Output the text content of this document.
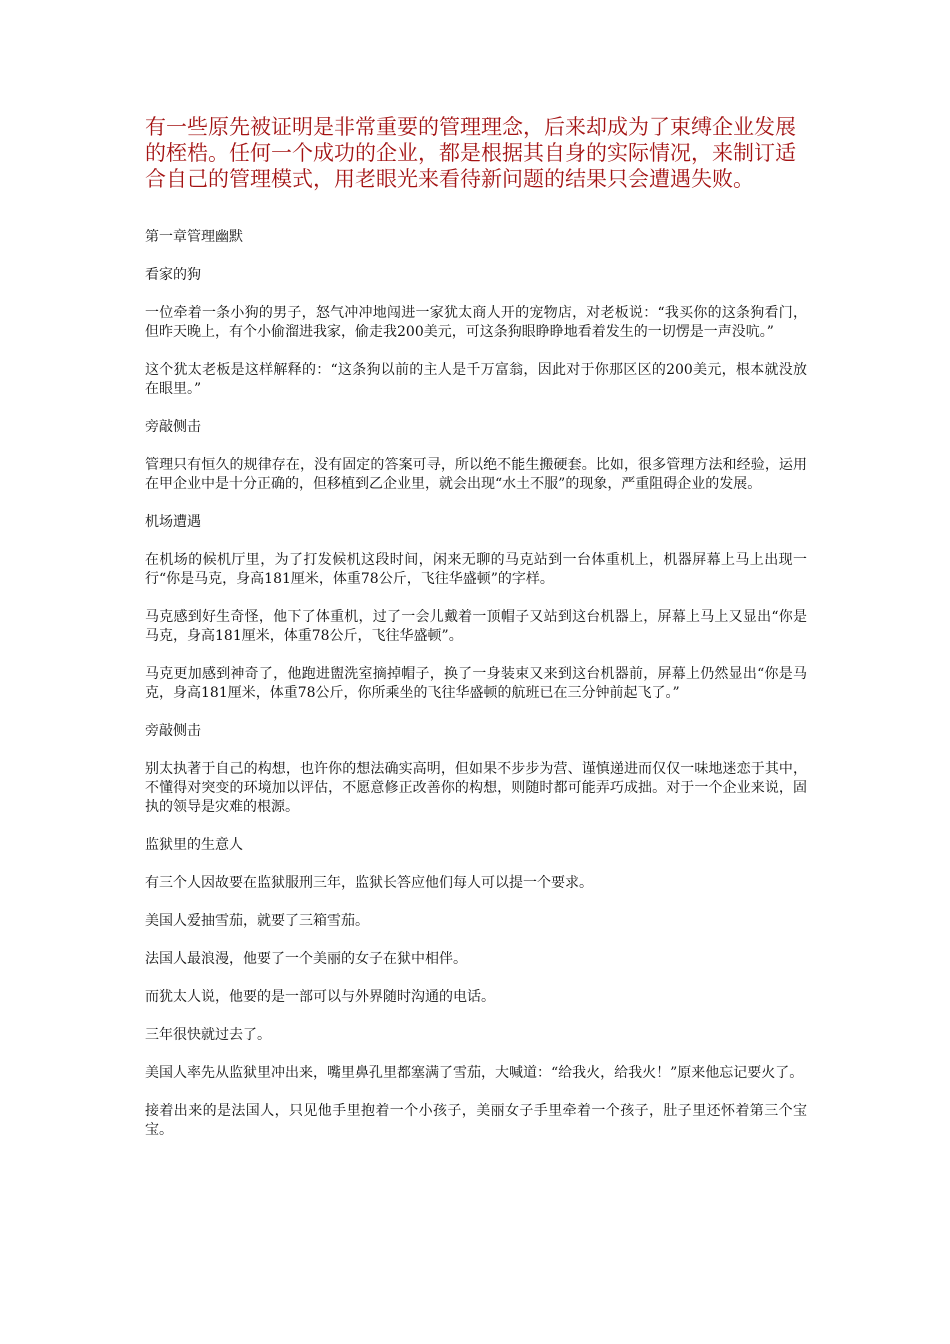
有一些原先被证明是非常重要的管理理念，后来却成为了束缚企业发展的桎梏。任何一个成功的企业，都是根据其自身的实际情况，来制订适合自己的管理模式，用老眼光来看待新问题的结果只会遭遇失败。

第一章管理幽默

看家的狗

一位牵着一条小狗的男子，怒气冲冲地闯进一家犹太商人开的宠物店，对老板说：“我买你的这条狗看门，但昨天晚上，有个小偷溜进我家，偷走我200美元，可这条狗眼睁睁地看着发生的一切愣是一声没吭。”

这个犹太老板是这样解释的：“这条狗以前的主人是千万富翁，因此对于你那区区的200美元，根本就没放在眼里。”

旁敲侧击

管理只有恒久的规律存在，没有固定的答案可寻，所以绝不能生搬硬套。比如，很多管理方法和经验，运用在甲企业中是十分正确的，但移植到乙企业里，就会出现“水土不服”的现象，严重阻碍企业的发展。

机场遭遇

在机场的候机厅里，为了打发候机这段时间，闲来无聊的马克站到一台体重机上，机器屏幕上马上出现一行“你是马克，身高181厘米，体重78公斤，飞往华盛顿”的字样。

马克感到好生奇怪，他下了体重机，过了一会儿戴着一顶帽子又站到这台机器上，屏幕上马上又显出“你是马克，身高181厘米，体重78公斤，飞往华盛顿”。

马克更加感到神奇了，他跑进盥洗室摘掉帽子，换了一身装束又来到这台机器前，屏幕上仍然显出“你是马克，身高181厘米，体重78公斤，你所乘坐的飞往华盛顿的航班已在三分钟前起飞了。”

旁敲侧击

别太执著于自己的构想，也许你的想法确实高明，但如果不步步为营、谨慎递进而仅仅一味地迷恋于其中，不懂得对突变的环境加以评估，不愿意修正改善你的构想，则随时都可能弄巧成拙。对于一个企业来说，固执的领导是灾难的根源。

监狱里的生意人

有三个人因故要在监狱服刑三年，监狱长答应他们每人可以提一个要求。

美国人爱抽雪茄，就要了三箱雪茄。

法国人最浪漫，他要了一个美丽的女子在狱中相伴。

而犹太人说，他要的是一部可以与外界随时沟通的电话。

三年很快就过去了。

美国人率先从监狱里冲出来，嘴里鼻孔里都塞满了雪茄，大喊道：“给我火，给我火！”原来他忘记要火了。

接着出来的是法国人，只见他手里抱着一个小孩子，美丽女子手里牵着一个孩子，肚子里还怀着第三个宝宝。
